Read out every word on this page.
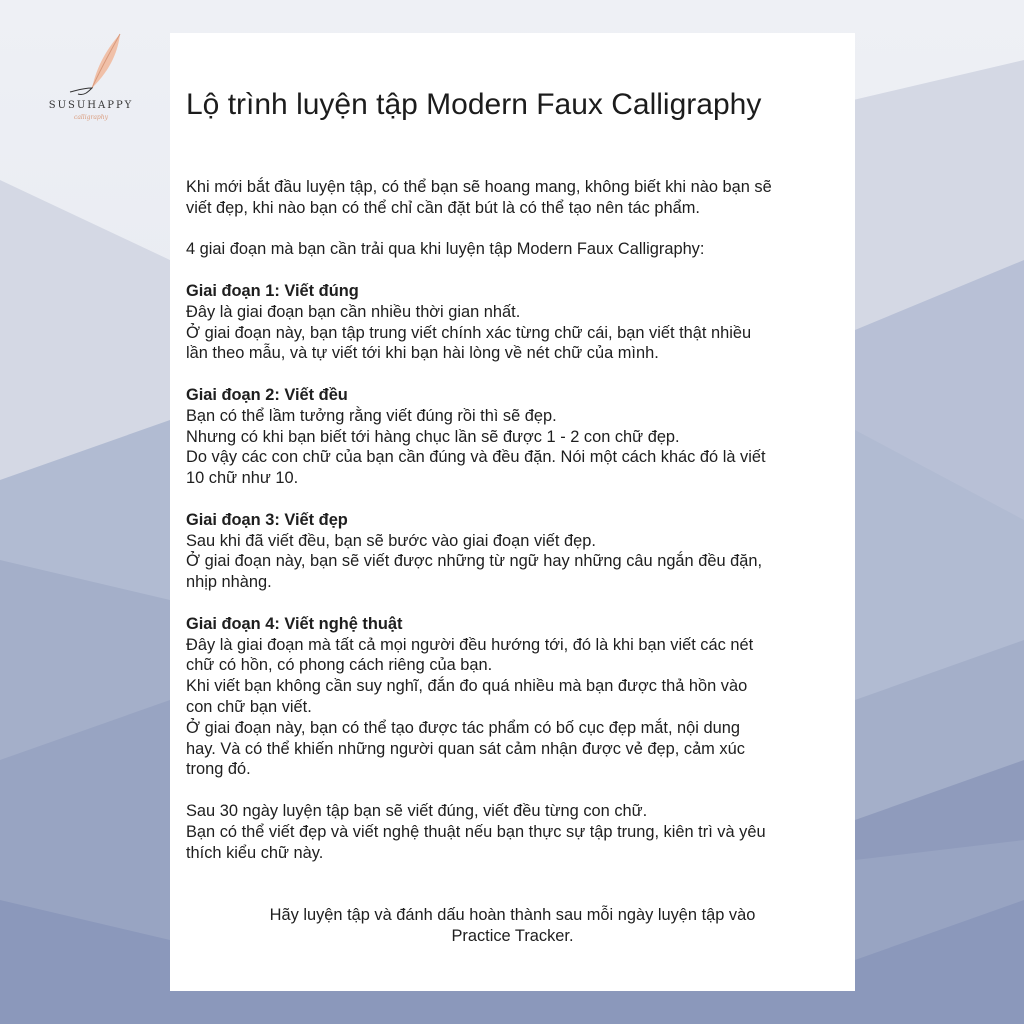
SUSUHAPPY
calligraphy	Lộ trình luyện tập Modern Faux Calligraphy

Khi mới bắt đầu luyện tập, có thể bạn sẽ hoang mang, không biết khi nào bạn sẽ
viết đẹp, khi nào bạn có thể chỉ cần đặt bút là có thể tạo nên tác phẩm.

4 giai đoạn mà bạn cần trải qua khi luyện tập Modern Faux Calligraphy:

Giai đoạn 1: Viết đúng
Đây là giai đoạn bạn cần nhiều thời gian nhất.
Ở giai đoạn này, bạn tập trung viết chính xác từng chữ cái, bạn viết thật nhiều
lần theo mẫu, và tự viết tới khi bạn hài lòng về nét chữ của mình.
Giai đoạn 2: Viết đều
Bạn có thể lầm tưởng rằng viết đúng rồi thì sẽ đẹp.
Nhưng có khi bạn biết tới hàng chục lần sẽ được 1 - 2 con chữ đẹp.
Do vậy các con chữ của bạn cần đúng và đều đặn. Nói một cách khác đó là viết
10 chữ như 10.
Giai đoạn 3: Viết đẹp
Sau khi đã viết đều, bạn sẽ bước vào giai đoạn viết đẹp.
Ở giai đoạn này, bạn sẽ viết được những từ ngữ hay những câu ngắn đều đặn,
nhịp nhàng.
Giai đoạn 4: Viết nghệ thuật
Đây là giai đoạn mà tất cả mọi người đều hướng tới, đó là khi bạn viết các nét
chữ có hồn, có phong cách riêng của bạn.
Khi viết bạn không cần suy nghĩ, đắn đo quá nhiều mà bạn được thả hồn vào
con chữ bạn viết.
Ở giai đoạn này, bạn có thể tạo được tác phẩm có bố cục đẹp mắt, nội dung
hay. Và có thể khiến những người quan sát cảm nhận được vẻ đẹp, cảm xúc
trong đó.

Sau 30 ngày luyện tập bạn sẽ viết đúng, viết đều từng con chữ.
Bạn có thể viết đẹp và viết nghệ thuật nếu bạn thực sự tập trung, kiên trì và yêu
thích kiểu chữ này.

Hãy luyện tập và đánh dấu hoàn thành sau mỗi ngày luyện tập vào
Practice Tracker.
